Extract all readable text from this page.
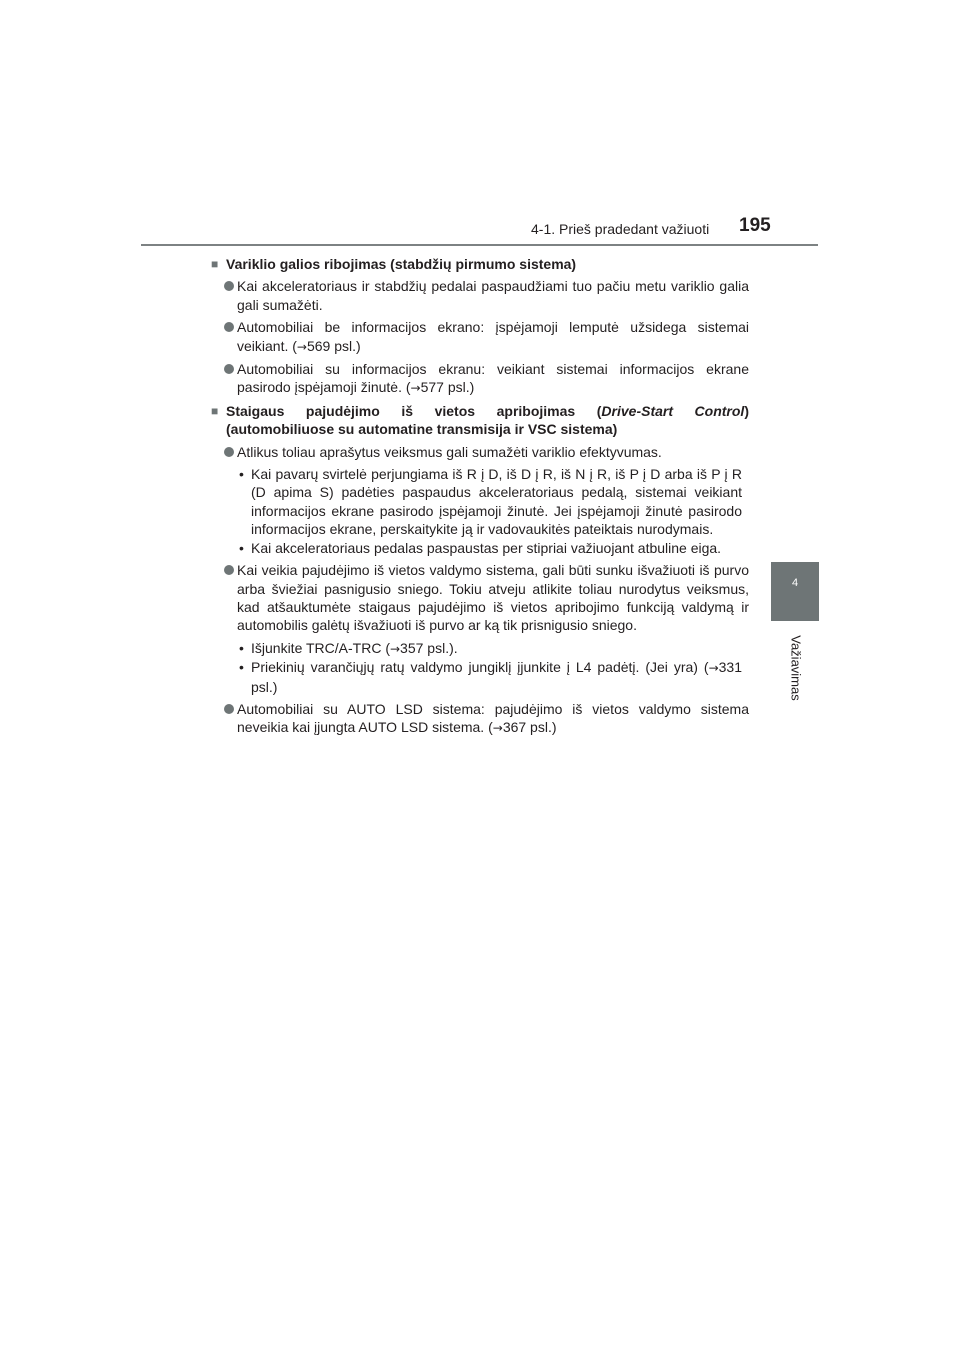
4-1. Prieš pradedant važiuoti 195
4
Važiavimas

■ Variklio galios ribojimas (stabdžių pirmumo sistema)

Kai akceleratoriaus ir stabdžių pedalai paspaudžiami tuo pačiu metu variklio galia gali sumažėti.

Automobiliai be informacijos ekrano: įspėjamoji lemputė užsidega sistemai veikiant. (→569 psl.)

Automobiliai su informacijos ekranu: veikiant sistemai informacijos ekrane pasirodo įspėjamoji žinutė. (→577 psl.)

■ Staigaus pajudėjimo iš vietos apribojimas (Drive-Start Control) (automobiliuose su automatine transmisija ir VSC sistema)

Atlikus toliau aprašytus veiksmus gali sumažėti variklio efektyvumas.

• Kai pavarų svirtelė perjungiama iš R į D, iš D į R, iš N į R, iš P į D arba iš P į R (D apima S) padėties paspaudus akceleratoriaus pedalą, sistemai veikiant informacijos ekrane pasirodo įspėjamoji žinutė. Jei įspėjamoji žinutė pasirodo informacijos ekrane, perskaitykite ją ir vadovaukitės pateiktais nurodymais.

• Kai akceleratoriaus pedalas paspaustas per stipriai važiuojant atbuline eiga.

Kai veikia pajudėjimo iš vietos valdymo sistema, gali būti sunku išvažiuoti iš purvo arba šviežiai pasnigusio sniego. Tokiu atveju atlikite toliau nurodytus veiksmus, kad atšauktumėte staigaus pajudėjimo iš vietos apribojimo funkciją valdymą ir automobilis galėtų išvažiuoti iš purvo ar ką tik prisnigusio sniego.

• Išjunkite TRC/A-TRC (→357 psl.).

• Priekinių varančiųjų ratų valdymo jungiklį įjunkite į L4 padėtį. (Jei yra) (→331 psl.)

Automobiliai su AUTO LSD sistema: pajudėjimo iš vietos valdymo sistema neveikia kai įjungta AUTO LSD sistema. (→367 psl.)
